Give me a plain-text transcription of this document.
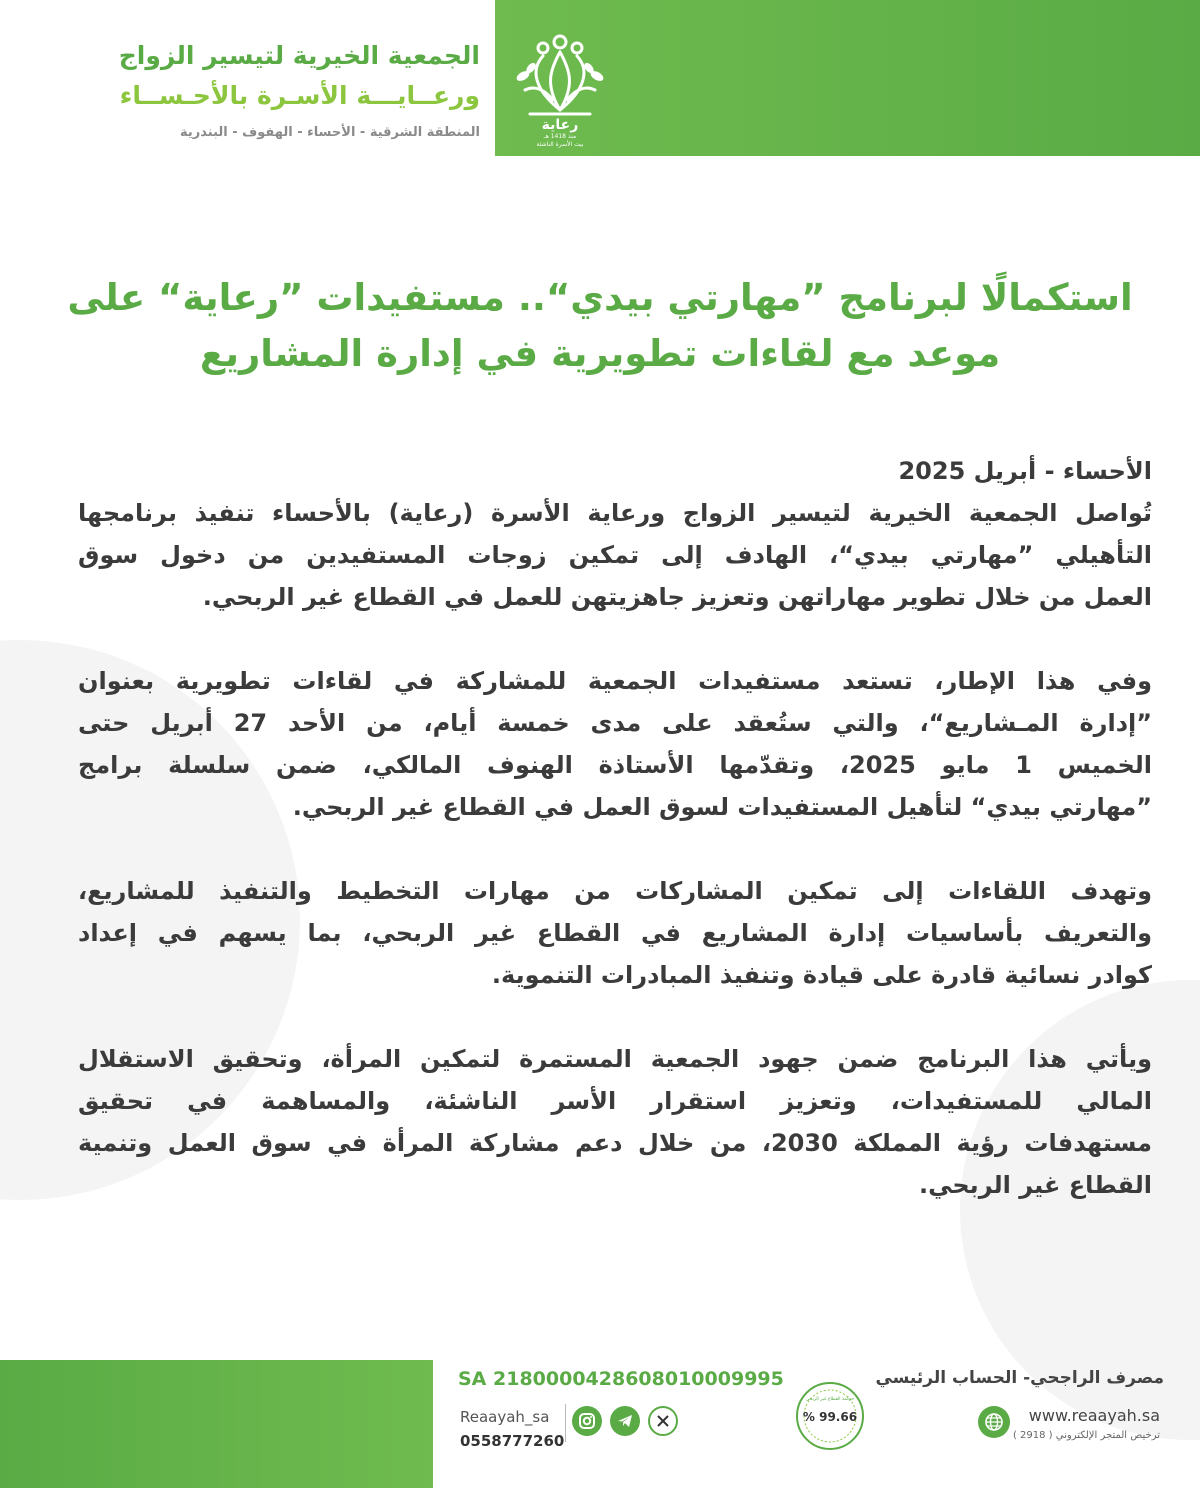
رعاية
منذ 1418 هـ
بيت الأسرة الناشئة
الجمعية الخيرية لتيسير الزواج
ورعــايـــة الأسـرة بالأحـســاء
المنطقة الشرقية - الأحساء - الهفوف - البندرية
استكمالًا لبرنامج ”مهارتي بيدي“.. مستفيدات ”رعاية“ على
موعد مع لقاءات تطويرية في إدارة المشاريع
الأحساء - أبريل 2025
تُواصل الجمعية الخيرية لتيسير الزواج ورعاية الأسرة (رعاية) بالأحساء تنفيذ برنامجها
التأهيلي ”مهارتي بيدي“، الهادف إلى تمكين زوجات المستفيدين من دخول سوق
العمل من خلال تطوير مهاراتهن وتعزيز جاهزيتهن للعمل في القطاع غير الربحي.
وفي هذا الإطار، تستعد مستفيدات الجمعية للمشاركة في لقاءات تطويرية بعنوان
”إدارة المـشاريع“، والتي ستُعقد على مدى خمسة أيام، من الأحد 27 أبريل حتى
الخميس 1 مايو 2025، وتقدّمها الأستاذة الهنوف المالكي، ضمن سلسلة برامج
”مهارتي بيدي“ لتأهيل المستفيدات لسوق العمل في القطاع غير الربحي.
وتهدف اللقاءات إلى تمكين المشاركات من مهارات التخطيط والتنفيذ للمشاريع،
والتعريف بأساسيات إدارة المشاريع في القطاع غير الربحي، بما يسهم في إعداد
كوادر نسائية قادرة على قيادة وتنفيذ المبادرات التنموية.
ويأتي هذا البرنامج ضمن جهود الجمعية المستمرة لتمكين المرأة، وتحقيق الاستقلال
المالي للمستفيدات، وتعزيز استقرار الأسر الناشئة، والمساهمة في تحقيق
مستهدفات رؤية المملكة 2030، من خلال دعم مشاركة المرأة في سوق العمل وتنمية
القطاع غير الربحي.
SA 2180000428608010009995
Reaayah_sa
0558777260
99.66 %
حوكمة القطاع غير الربحي
مصرف الراجحي- الحساب الرئيسي
www.reaayah.sa
ترخيص المتجر الإلكتروني ( 2918 )
